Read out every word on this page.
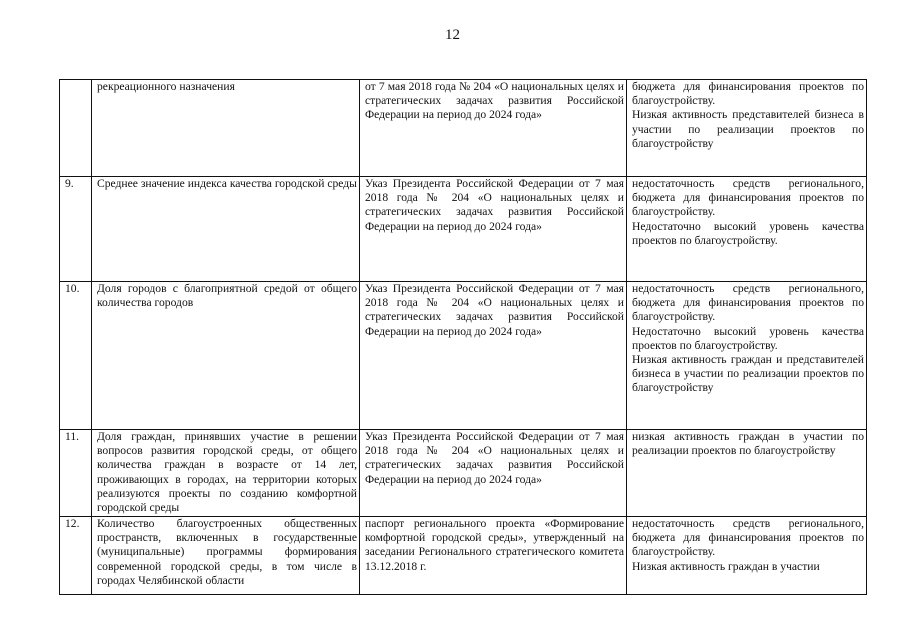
12
	рекреационного назначения	от 7 мая 2018 года № 204 «О национальных целях и стратегических задачах развития Российской Федерации на период до 2024 года»	бюджета для финансирования проектов по благоустройству.
Низкая активность представителей бизнеса в участии по реализации проектов по благоустройству

9.	Среднее значение индекса качества городской среды	Указ Президента Российской Федерации от 7 мая 2018 года № 204 «О национальных целях и стратегических задачах развития Российской Федерации на период до 2024 года»	недостаточность средств регионального, бюджета для финансирования проектов по благоустройству.
Недостаточно высокий уровень качества проектов по благоустройству.

10.	Доля городов с благоприятной средой от общего количества городов	Указ Президента Российской Федерации от 7 мая 2018 года № 204 «О национальных целях и стратегических задачах развития Российской Федерации на период до 2024 года»	недостаточность средств регионального, бюджета для финансирования проектов по благоустройству.
Недостаточно высокий уровень качества проектов по благоустройству.
Низкая активность граждан и представителей бизнеса в участии по реализации проектов по благоустройству

11.	Доля граждан, принявших участие в решении вопросов развития городской среды, от общего количества граждан в возрасте от 14 лет, проживающих в городах, на территории которых реализуются проекты по созданию комфортной городской среды	Указ Президента Российской Федерации от 7 мая 2018 года № 204 «О национальных целях и стратегических задачах развития Российской Федерации на период до 2024 года»	низкая активность граждан в участии по реализации проектов по благоустройству

12.	Количество благоустроенных общественных пространств, включенных в государственные (муниципальные) программы формирования современной городской среды, в том числе в городах Челябинской области	паспорт регионального проекта «Формирование комфортной городской среды», утвержденный на заседании Регионального стратегического комитета 13.12.2018 г.	недостаточность средств регионального, бюджета для финансирования проектов по благоустройству.
Низкая активность граждан в участии
